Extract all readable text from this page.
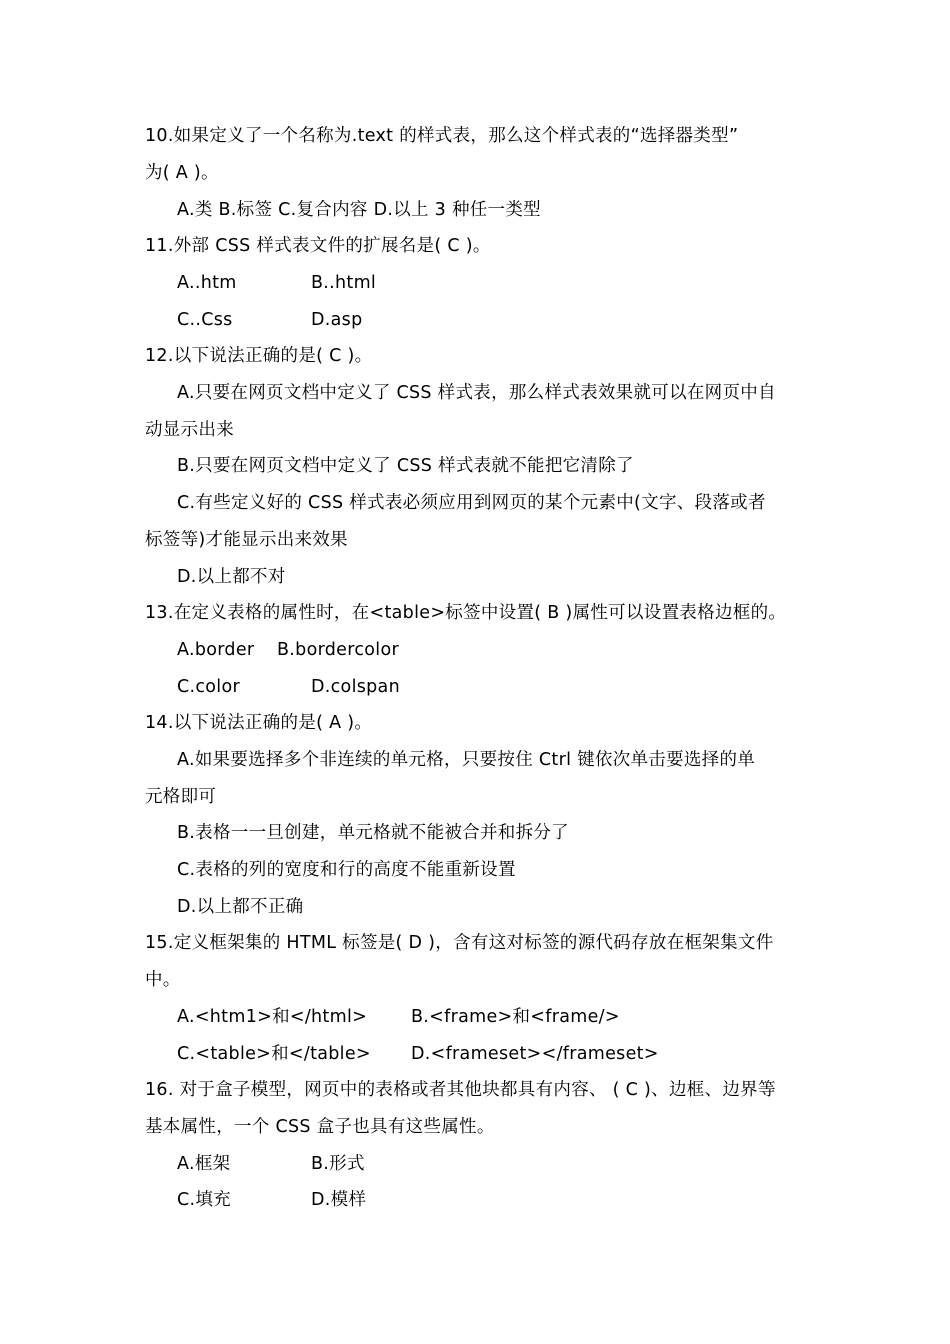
10.如果定义了一个名称为.text 的样式表，那么这个样式表的“选择器类型”
为( A )。
A.类 B.标签 C.复合内容 D.以上 3 种任一类型
11.外部 CSS 样式表文件的扩展名是( C )。
A..htm	B..html
C..Css	D.asp
12.以下说法正确的是( C )。
A.只要在网页文档中定义了 CSS 样式表，那么样式表效果就可以在网页中自
动显示出来
B.只要在网页文档中定义了 CSS 样式表就不能把它清除了
C.有些定义好的 CSS 样式表必须应用到网页的某个元素中(文字、段落或者
标签等)才能显示出来效果
D.以上都不对
13.在定义表格的属性时，在<table>标签中设置( B )属性可以设置表格边框的。
A.border B.bordercolor
C.color	D.colspan
14.以下说法正确的是( A )。
A.如果要选择多个非连续的单元格，只要按住 Ctrl 键依次单击要选择的单
元格即可
B.表格一一旦创建，单元格就不能被合并和拆分了
C.表格的列的宽度和行的高度不能重新设置
D.以上都不正确
15.定义框架集的 HTML 标签是( D )，含有这对标签的源代码存放在框架集文件
中。
A.<htm1>和</html>	B.<frame>和<frame/>
C.<table>和</table> D.<frameset></frameset>
16. 对于盒子模型，网页中的表格或者其他块都具有内容、 ( C )、边框、边界等
基本属性，一个 CSS 盒子也具有这些属性。
A.框架	B.形式
C.填充	D.模样
